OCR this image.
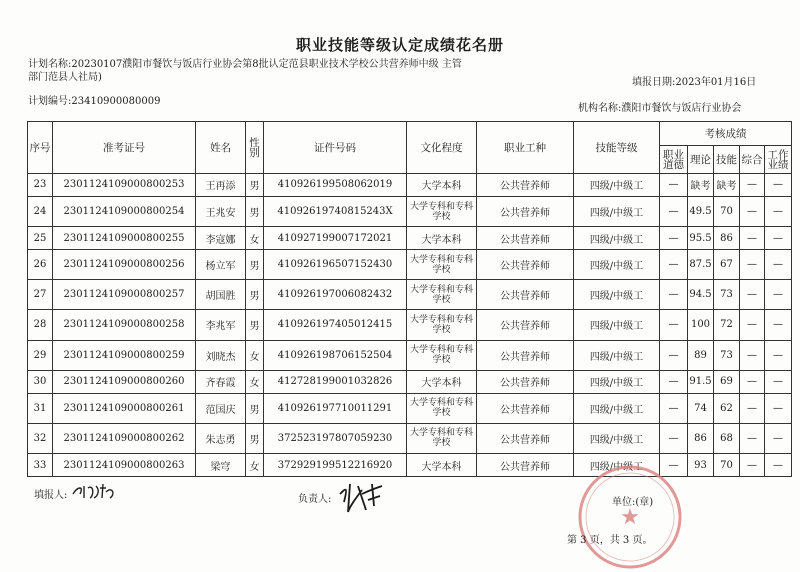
职业技能等级认定成绩花名册
计划名称:20230107濮阳市餐饮与饭店行业协会第8批认定范县职业技术学校公共营养师中级 主管部门范县人社局)	填报日期:2023年01月16日
计划编号:23410900080009
机构名称:濮阳市餐饮与饭店行业协会
序号	准考证号	姓名	性别	证件号码	文化程度	职业工种	技能等级	考核成绩				
								职业道德	理论	技能	综合	工作业绩
23	2301124109000800253	王再添	男	410926199508062019	大学本科	公共营养师	四级/中级工	—	缺考	缺考	—	—
24	2301124109000800254	王兆安	男	41092619740815243X	大学专科和专科学校	公共营养师	四级/中级工	—	49.5	70	—	—
25	2301124109000800255	李寇娜	女	410927199007172021	大学本科	公共营养师	四级/中级工	—	95.5	86	—	—
26	2301124109000800256	杨立军	男	410926196507152430	大学专科和专科学校	公共营养师	四级/中级工	—	87.5	67	—	—
27	2301124109000800257	胡国胜	男	410926197006082432	大学专科和专科学校	公共营养师	四级/中级工	—	94.5	73	—	—
28	2301124109000800258	李兆军	男	410926197405012415	大学专科和专科学校	公共营养师	四级/中级工	—	100	72	—	—
29	2301124109000800259	刘晓杰	女	410926198706152504	大学专科和专科学校	公共营养师	四级/中级工	—	89	73	—	—
30	2301124109000800260	齐春霞	女	412728199001032826	大学本科	公共营养师	四级/中级工	—	91.5	69	—	—
31	2301124109000800261	范国庆	男	410926197710011291	大学专科和专科学校	公共营养师	四级/中级工	—	74	62	—	—
32	2301124109000800262	朱志勇	男	372523197807059230	大学专科和专科学校	公共营养师	四级/中级工	—	86	68	—	—
33	2301124109000800263	梁穹	女	372929199512216920	大学本科	公共营养师	四级/中级工	—	93	70	—	—
填报人:	负责人:
★
单位:(章)
第 3 页，共 3 页。
